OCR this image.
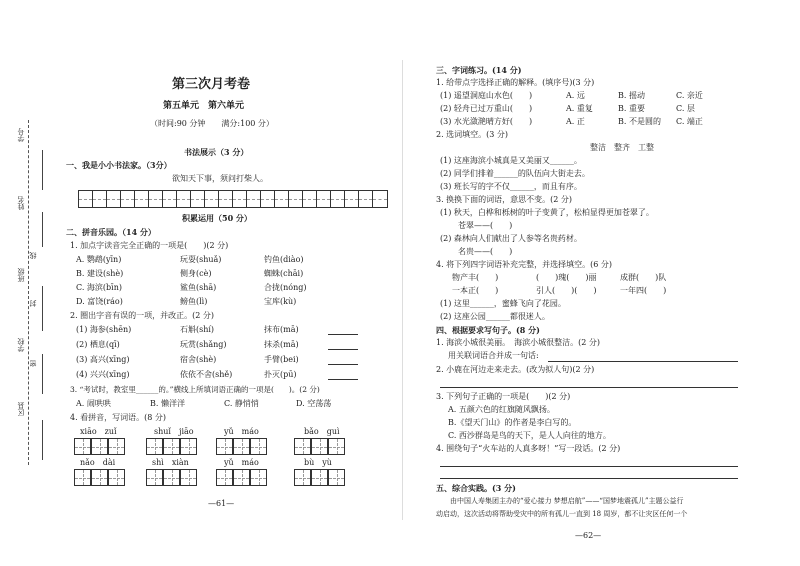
学号
姓名
线
班级
封
学校
密
区县
第三次月考卷
第五单元　第六单元
（时间:90 分钟　　满分:100 分）
书法展示（3 分）
一、我是小小书法家。（3分）
欲知天下事，须问打柴人。
积累运用（50 分）
二、拼音乐园。（14 分）
1. 加点字读音完全正确的一项是(　　)(2 分)
A. 鹦鹉(yīn)	玩耍(shuǎ)	钓鱼(diào)
B. 建设(shè)	侧身(cè)	蜘蛛(chāi)
C. 海滨(bīn)	鲨鱼(shā)	合拢(nóng)
D. 富饶(ráo)	鳑鱼(lì)	宝库(kù)
2. 圈出字音有误的一项，并改正。(2 分)
(1) 海参(shēn)	石斛(shí)	抹布(mā)
(2) 栖息(qī)	玩赏(shǎng)	抹杀(mā)
(3) 高兴(xīng)	宿舍(shè)	手臂(bei)
(4) 兴兴(xīng)	依依不舍(shě)	扑灭(pū)
3. “考试时，教室里______的。”横线上所填词语正确的一项是(　　)。(2 分)
A. 闹哄哄	B. 懒洋洋	C. 静悄悄	D. 空荡荡
4. 看拼音，写词语。(8 分)
xiāo　zuǐ	shuǐ　jiāo	yǔ　máo	bǎo　guì
nǎo　dài	shì　xiàn	yǔ　máo	bù　yù
—61—
三、字词练习。(14 分)
1. 给带点字选择正确的解释。(填序号)(3 分)
(1) 遥望洞庭山水色(　　)	A. 远	B. 摇动	C. 亲近
(2) 轻舟已过万重山(　　)	A. 重复	B. 重要	C. 层
(3) 水光潋滟晴方好(　　)	A. 正	B. 不是圆的 C. 端正
2. 选词填空。(3 分)
整洁　整齐　工整
(1) 这座海滨小城真是又美丽又______。
(2) 同学们排着______的队伍向大街走去。
(3) 班长写的字不仅______，而且有序。
3. 换换下面的词语，意思不变。(2 分)
(1) 秋天，白桦和栎树的叶子变黄了，松柏显得更加苍翠了。
苍翠——(　　)
(2) 森林向人们献出了人参等名贵药材。
名贵——(　　)
4. 将下列四字词语补充完整，并选择填空。(6 分)
物产丰(　　)	(　　)瑰(　　)丽	成群(　　)队
一本正(　　)	引人(　　)(　　)	一年四(　　)
(1) 这里______，蜜蜂飞向了花园。
(2) 这座公园______都很迷人。
四、根据要求写句子。(8 分)
1. 海滨小城很美丽。　海滨小城很整洁。(2 分)
用关联词语合并成一句话:
2. 小鹿在河边走来走去。(改为拟人句)(2 分)
3. 下列句子正确的一项是(　　)(2 分)
A. 五颜六色的红旗随风飘扬。
B.《望天门山》的作者是李白写的。
C. 西沙群岛是鸟的天下，是人人向往的地方。
4. 围绕句子“火车站的人真多呀！”写一段话。(2 分)
五、综合实践。(3 分)
由中国人寿集团主办的“爱心接力 梦想启航”——“国梦地震孤儿”主题公益行
动启动，这次活动将帮助受灾中的所有孤儿一直到 18 周岁，都不让灾区任何一个
—62—
